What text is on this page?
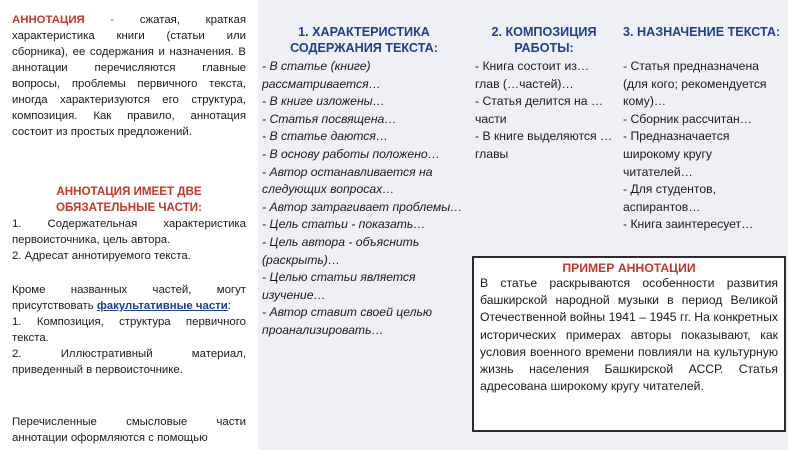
АННОТАЦИЯ - сжатая, краткая характеристика книги (статьи или сборника), ее содержания и назначения. В аннотации перечисляются главные вопросы, проблемы первичного текста, иногда характеризуются его структура, композиция. Как правило, аннотация состоит из простых предложений.

АННОТАЦИЯ ИМЕЕТ ДВЕ ОБЯЗАТЕЛЬНЫЕ ЧАСТИ:

1. Содержательная характеристика первоисточника, цель автора.

2. Адресат аннотируемого текста.

Кроме названных частей, могут присутствовать факультативные части:

1. Композиция, структура первичного текста.

2. Иллюстративный материал, приведенный в первоисточнике.

Перечисленные смысловые части аннотации оформляются с помощью

1. ХАРАКТЕРИСТИКА СОДЕРЖАНИЯ ТЕКСТА:
- В статье (книге) рассматривается…
- В книге изложены…
- Статья посвящена…
- В статье даются…
- В основу работы положено…
- Автор останавливается на следующих вопросах…
- Автор затрагивает проблемы…
- Цель статьи - показать…
- Цель автора - объяснить (раскрыть)…
- Целью статьи является изучение…
- Автор ставит своей целью проанализировать…
2. КОМПОЗИЦИЯ РАБОТЫ:
- Книга состоит из… глав (…частей)…
- Статья делится на … части
- В книге выделяются … главы
3. НАЗНАЧЕНИЕ ТЕКСТА:
- Статья предназначена (для кого; рекомендуется кому)…
- Сборник рассчитан…
- Предназначается широкому кругу читателей…
- Для студентов, аспирантов…
- Книга заинтересует…
ПРИМЕР АННОТАЦИИ
В статье раскрываются особенности развития башкирской народной музыки в период Великой Отечественной войны 1941 – 1945 гг. На конкретных исторических примерах авторы показывают, как условия военного времени повлияли на культурную жизнь населения Башкирской АССР. Статья адресована широкому кругу читателей.
